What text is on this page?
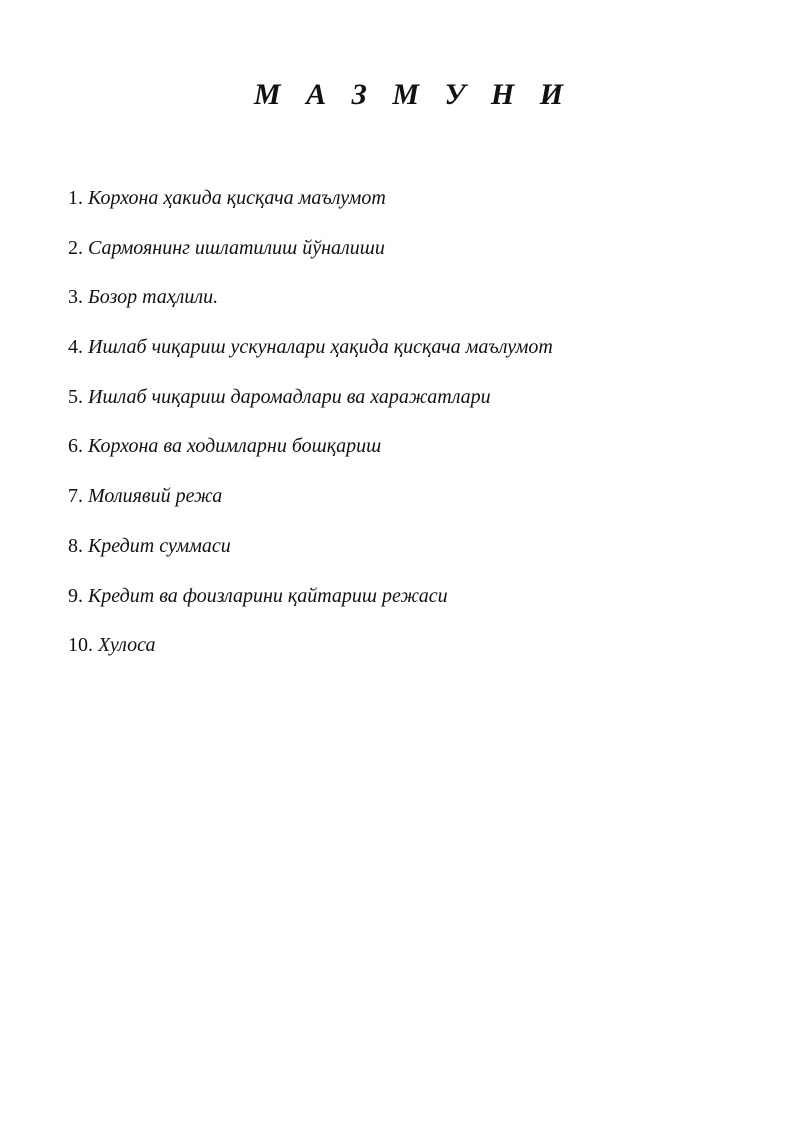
М А З М У Н И
1. Корхона ҳакида қисқача маълумот
2. Сармоянинг ишлатилиш йўналиши
3. Бозор таҳлили.
4. Ишлаб чиқариш ускуналари ҳақида қисқача маълумот
5. Ишлаб чиқариш даромадлари ва харажатлари
6. Корхона ва ходимларни бошқариш
7. Молиявий режа
8. Кредит суммаси
9. Кредит ва фоизларини қайтариш режаси
10. Хулоса
